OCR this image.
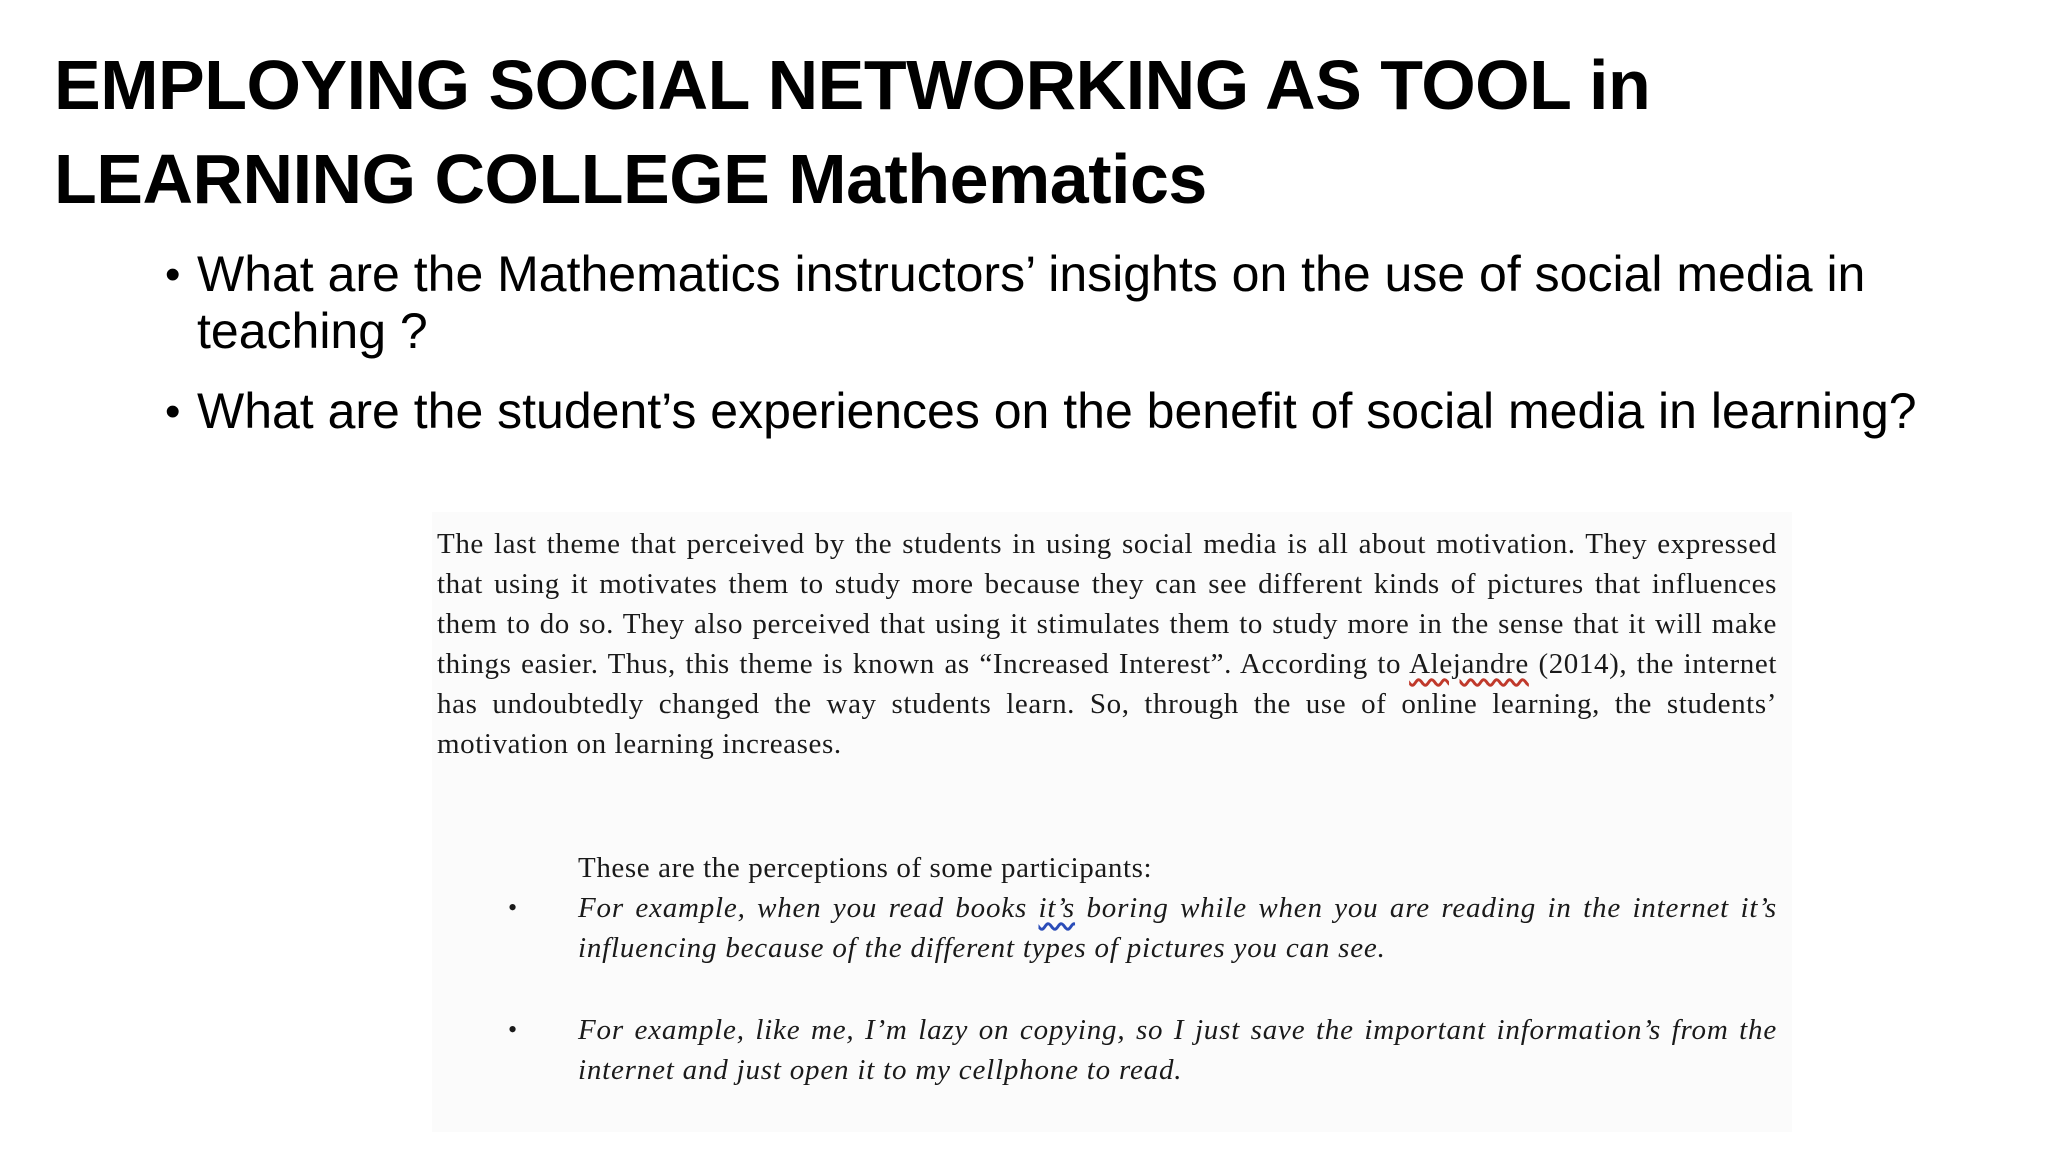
EMPLOYING SOCIAL NETWORKING AS TOOL in LEARNING COLLEGE Mathematics
• What are the Mathematics instructors’ insights on the use of social media in teaching ?
• What are the student’s experiences on the benefit of social media in learning?

The last theme that perceived by the students in using social media is all about motivation. They expressed that using it motivates them to study more because they can see different kinds of pictures that influences them to do so. They also perceived that using it stimulates them to study more in the sense that it will make things easier. Thus, this theme is known as “Increased Interest”. According to Alejandre (2014), the internet has undoubtedly changed the way students learn. So, through the use of online learning, the students’ motivation on learning increases.

These are the perceptions of some participants:

• For example, when you read books it’s boring while when you are reading in the internet it’s influencing because of the different types of pictures you can see.

• For example, like me, I’m lazy on copying, so I just save the important information’s from the internet and just open it to my cellphone to read.
